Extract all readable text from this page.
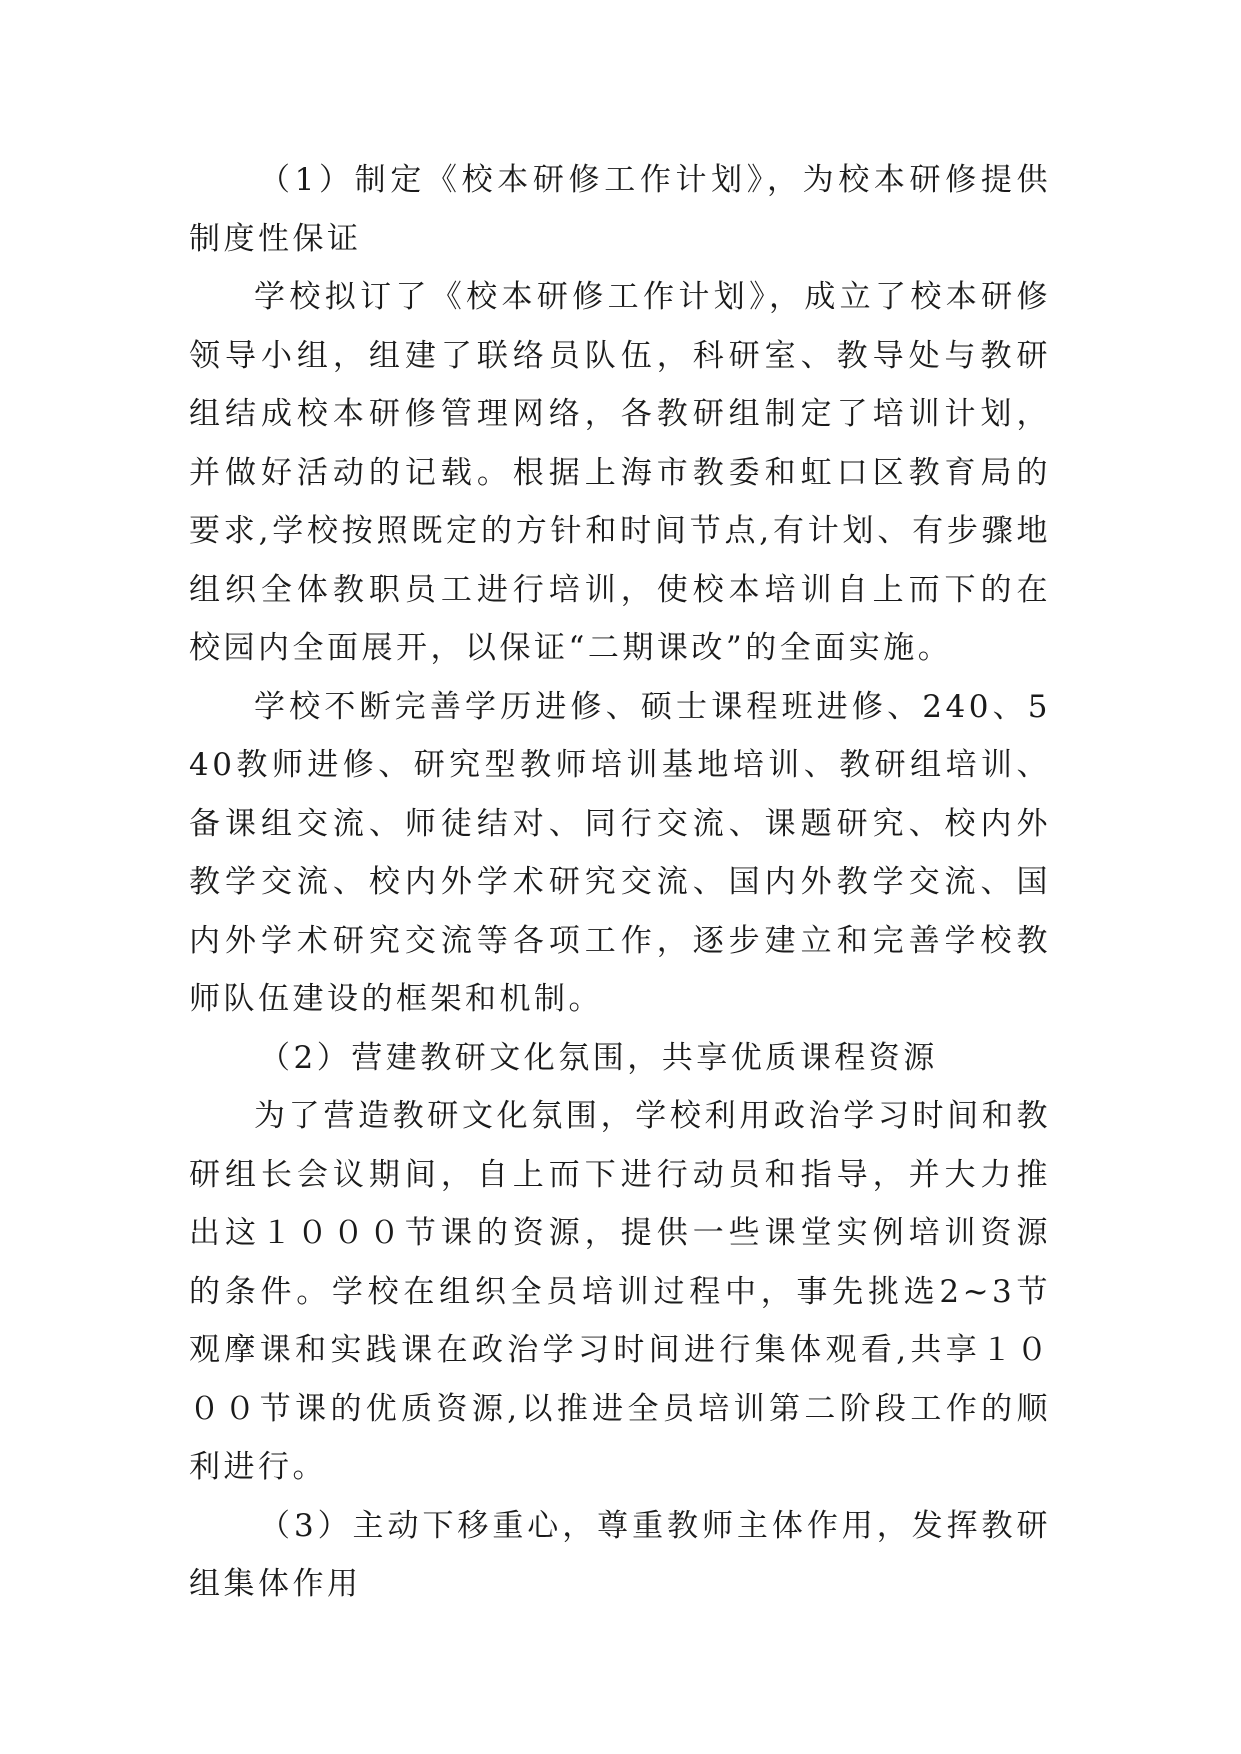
（1）制定《校本研修工作计划》，为校本研修提供制度性保证

学校拟订了《校本研修工作计划》，成立了校本研修领导小组，组建了联络员队伍，科研室、教导处与教研组结成校本研修管理网络，各教研组制定了培训计划，并做好活动的记载。根据上海市教委和虹口区教育局的要求,学校按照既定的方针和时间节点,有计划、有步骤地组织全体教职员工进行培训，使校本培训自上而下的在校园内全面展开，以保证“二期课改”的全面实施。

学校不断完善学历进修、硕士课程班进修、240、540教师进修、研究型教师培训基地培训、教研组培训、备课组交流、师徒结对、同行交流、课题研究、校内外教学交流、校内外学术研究交流、国内外教学交流、国内外学术研究交流等各项工作，逐步建立和完善学校教师队伍建设的框架和机制。

（2）营建教研文化氛围，共享优质课程资源

为了营造教研文化氛围，学校利用政治学习时间和教研组长会议期间，自上而下进行动员和指导，并大力推出这１０００节课的资源，提供一些课堂实例培训资源的条件。学校在组织全员培训过程中，事先挑选2~3节观摩课和实践课在政治学习时间进行集体观看,共享１０００节课的优质资源,以推进全员培训第二阶段工作的顺利进行。

（3）主动下移重心，尊重教师主体作用，发挥教研组集体作用
